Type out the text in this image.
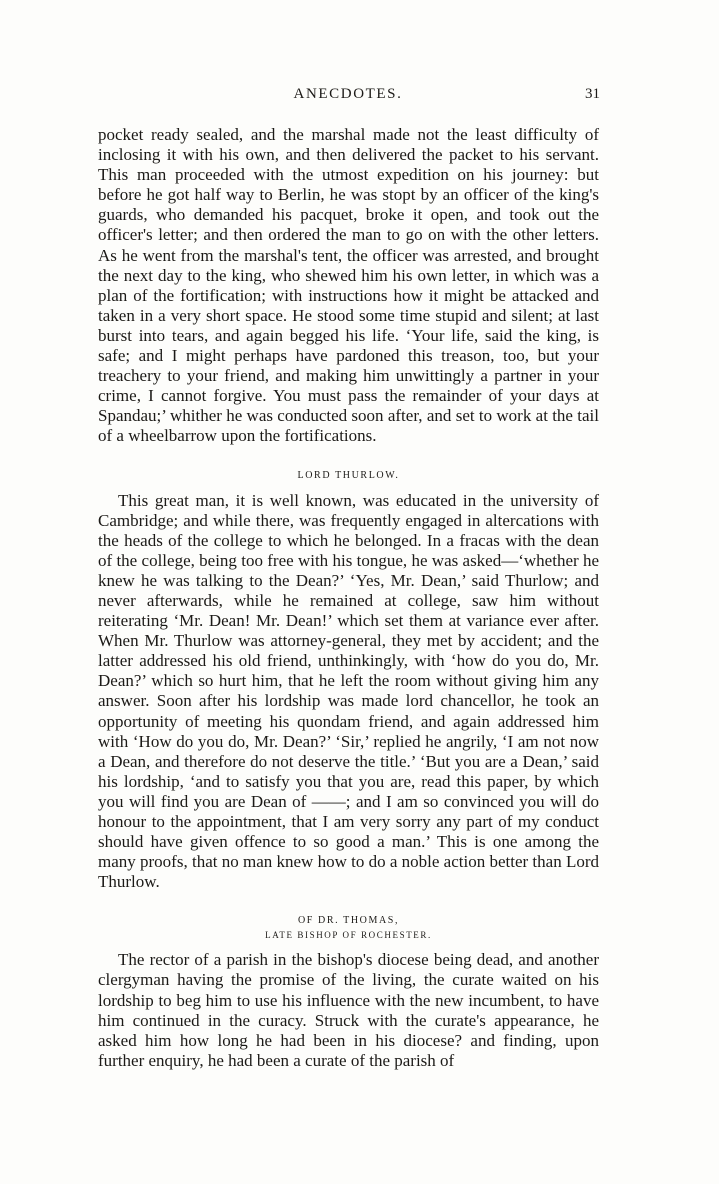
ANECDOTES.	31

pocket ready sealed, and the marshal made not the least difficulty of inclosing it with his own, and then delivered the packet to his servant. This man proceeded with the utmost expedition on his journey: but before he got half way to Berlin, he was stopt by an officer of the king's guards, who demanded his pacquet, broke it open, and took out the officer's letter; and then ordered the man to go on with the other letters. As he went from the marshal's tent, the officer was arrested, and brought the next day to the king, who shewed him his own letter, in which was a plan of the fortification; with instructions how it might be attacked and taken in a very short space. He stood some time stupid and silent; at last burst into tears, and again begged his life. ‘Your life, said the king, is safe; and I might perhaps have pardoned this treason, too, but your treachery to your friend, and making him unwittingly a partner in your crime, I cannot forgive. You must pass the remainder of your days at Spandau;’ whither he was conducted soon after, and set to work at the tail of a wheelbarrow upon the fortifications.

LORD THURLOW.

This great man, it is well known, was educated in the university of Cambridge; and while there, was frequently engaged in altercations with the heads of the college to which he belonged. In a fracas with the dean of the college, being too free with his tongue, he was asked—‘whether he knew he was talking to the Dean?’ ‘Yes, Mr. Dean,’ said Thurlow; and never afterwards, while he remained at college, saw him without reiterating ‘Mr. Dean! Mr. Dean!’ which set them at variance ever after. When Mr. Thurlow was attorney-general, they met by accident; and the latter addressed his old friend, unthinkingly, with ‘how do you do, Mr. Dean?’ which so hurt him, that he left the room without giving him any answer. Soon after his lordship was made lord chancellor, he took an opportunity of meeting his quondam friend, and again addressed him with ‘How do you do, Mr. Dean?’ ‘Sir,’ replied he angrily, ‘I am not now a Dean, and therefore do not deserve the title.’ ‘But you are a Dean,’ said his lordship, ‘and to satisfy you that you are, read this paper, by which you will find you are Dean of ——; and I am so convinced you will do honour to the appointment, that I am very sorry any part of my conduct should have given offence to so good a man.’ This is one among the many proofs, that no man knew how to do a noble action better than Lord Thurlow.

OF DR. THOMAS,
LATE BISHOP OF ROCHESTER.

The rector of a parish in the bishop's diocese being dead, and another clergyman having the promise of the living, the curate waited on his lordship to beg him to use his influence with the new incumbent, to have him continued in the curacy. Struck with the curate's appearance, he asked him how long he had been in his diocese? and finding, upon further enquiry, he had been a curate of the parish of
